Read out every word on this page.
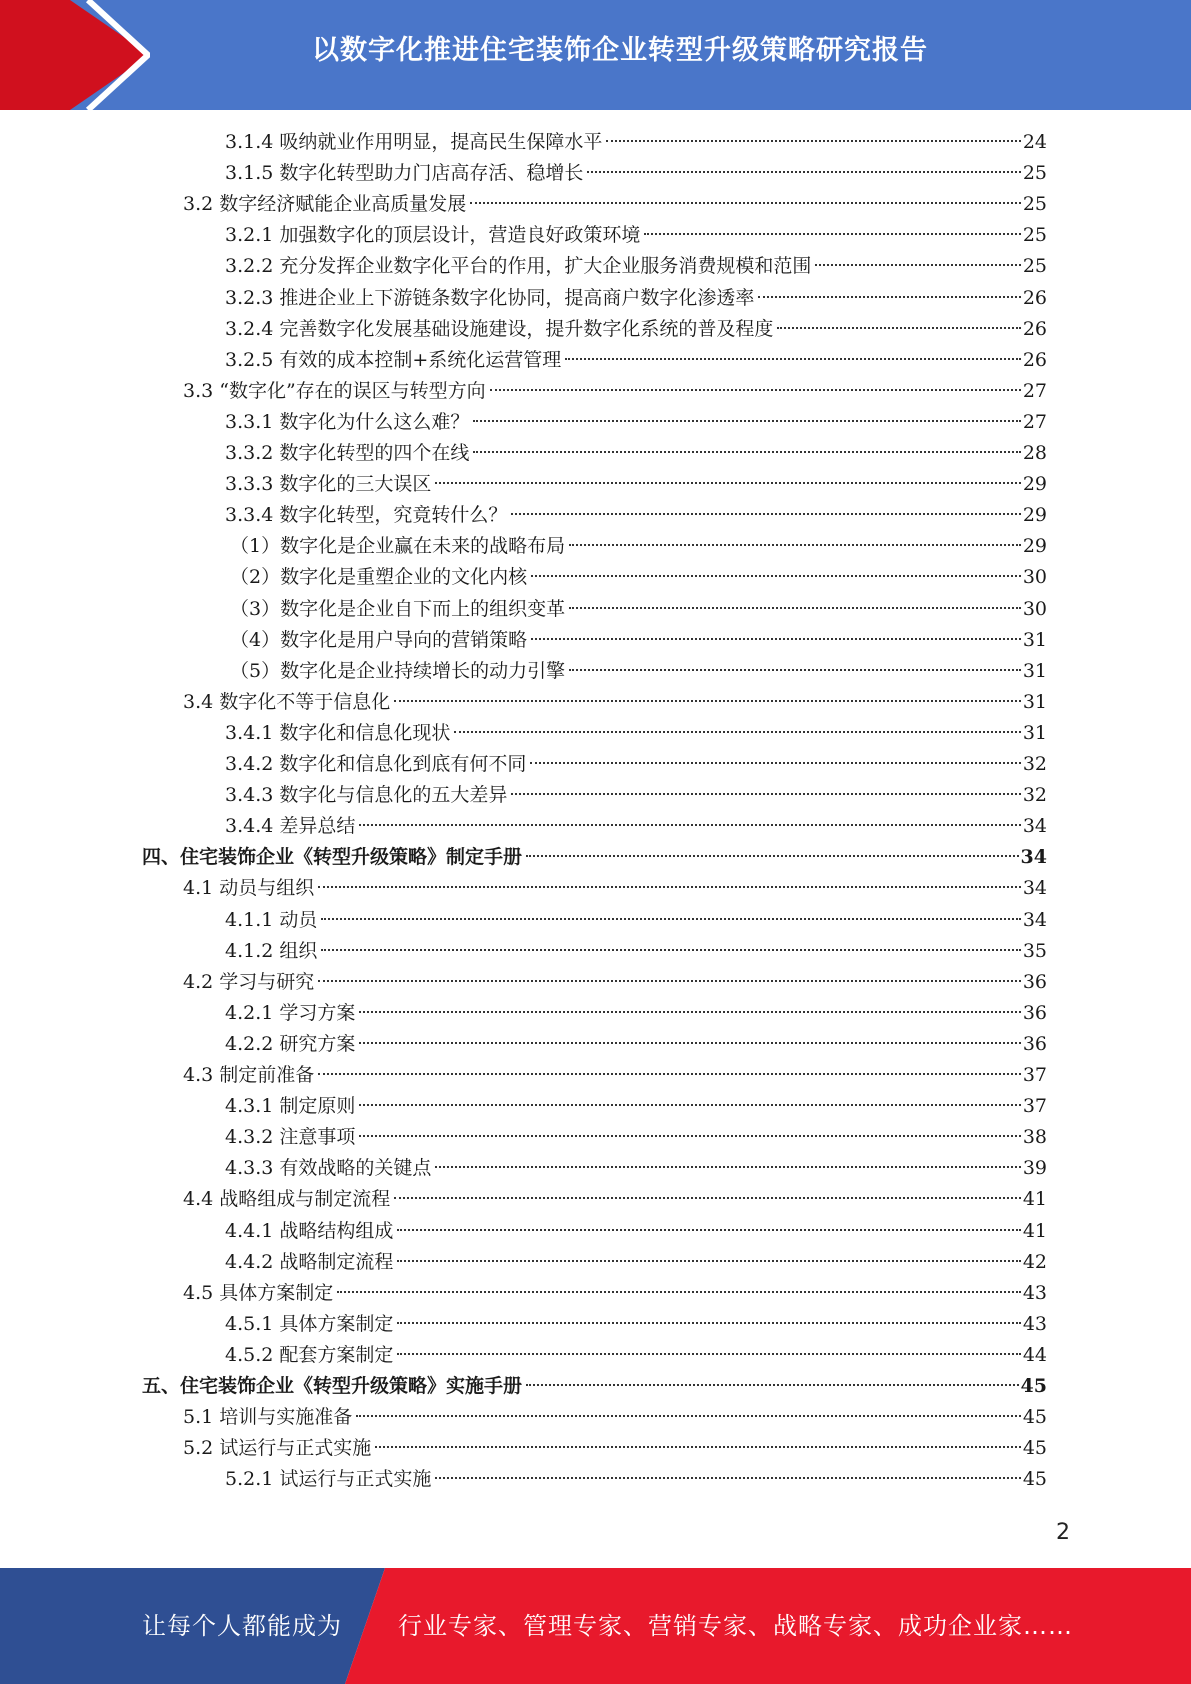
以数字化推进住宅装饰企业转型升级策略研究报告
3.1.4 吸纳就业作用明显，提高民生保障水平	24
3.1.5 数字化转型助力门店高存活、稳增长	25
3.2 数字经济赋能企业高质量发展	25
3.2.1 加强数字化的顶层设计，营造良好政策环境	25
3.2.2 充分发挥企业数字化平台的作用，扩大企业服务消费规模和范围	25
3.2.3 推进企业上下游链条数字化协同，提高商户数字化渗透率	26
3.2.4 完善数字化发展基础设施建设，提升数字化系统的普及程度	26
3.2.5 有效的成本控制+系统化运营管理	26
3.3 “数字化”存在的误区与转型方向	27
3.3.1 数字化为什么这么难？	27
3.3.2 数字化转型的四个在线	28
3.3.3 数字化的三大误区	29
3.3.4 数字化转型，究竟转什么？	29
（1）数字化是企业赢在未来的战略布局	29
（2）数字化是重塑企业的文化内核	30
（3）数字化是企业自下而上的组织变革	30
（4）数字化是用户导向的营销策略	31
（5）数字化是企业持续增长的动力引擎	31
3.4 数字化不等于信息化	31
3.4.1 数字化和信息化现状	31
3.4.2 数字化和信息化到底有何不同	32
3.4.3 数字化与信息化的五大差异	32
3.4.4 差异总结	34
四、住宅装饰企业《转型升级策略》制定手册	34
4.1 动员与组织	34
4.1.1 动员	34
4.1.2 组织	35
4.2 学习与研究	36
4.2.1 学习方案	36
4.2.2 研究方案	36
4.3 制定前准备	37
4.3.1 制定原则	37
4.3.2 注意事项	38
4.3.3 有效战略的关键点	39
4.4 战略组成与制定流程	41
4.4.1 战略结构组成	41
4.4.2 战略制定流程	42
4.5 具体方案制定	43
4.5.1 具体方案制定	43
4.5.2 配套方案制定	44
五、住宅装饰企业《转型升级策略》实施手册	45
5.1 培训与实施准备	45
5.2 试运行与正式实施	45
5.2.1 试运行与正式实施	45
2
让每个人都能成为 行业专家、管理专家、营销专家、战略专家、成功企业家……
